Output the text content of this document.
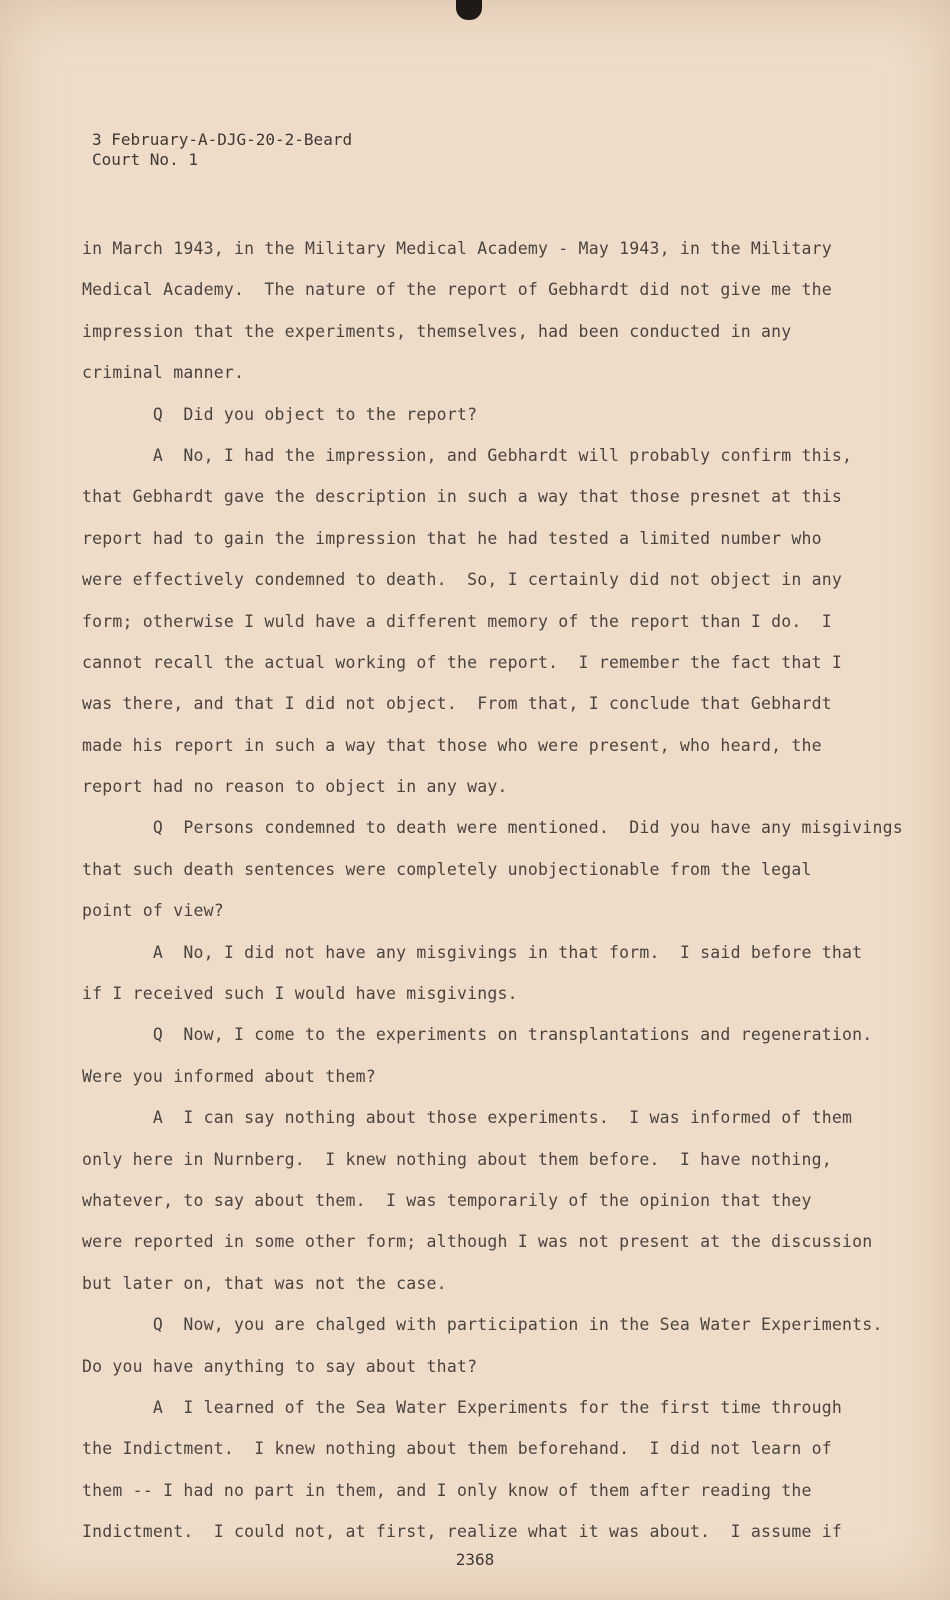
3 February-A-DJG-20-2-Beard
Court No. 1
in March 1943, in the Military Medical Academy - May 1943, in the Military
Medical Academy.  The nature of the report of Gebhardt did not give me the
impression that the experiments, themselves, had been conducted in any
criminal manner.
Q  Did you object to the report?
A  No, I had the impression, and Gebhardt will probably confirm this,
that Gebhardt gave the description in such a way that those presnet at this
report had to gain the impression that he had tested a limited number who
were effectively condemned to death.  So, I certainly did not object in any
form; otherwise I wuld have a different memory of the report than I do.  I
cannot recall the actual working of the report.  I remember the fact that I
was there, and that I did not object.  From that, I conclude that Gebhardt
made his report in such a way that those who were present, who heard, the
report had no reason to object in any way.
Q  Persons condemned to death were mentioned.  Did you have any misgivings
that such death sentences were completely unobjectionable from the legal
point of view?
A  No, I did not have any misgivings in that form.  I said before that
if I received such I would have misgivings.
Q  Now, I come to the experiments on transplantations and regeneration.
Were you informed about them?
A  I can say nothing about those experiments.  I was informed of them
only here in Nurnberg.  I knew nothing about them before.  I have nothing,
whatever, to say about them.  I was temporarily of the opinion that they
were reported in some other form; although I was not present at the discussion
but later on, that was not the case.
Q  Now, you are chalged with participation in the Sea Water Experiments.
Do you have anything to say about that?
A  I learned of the Sea Water Experiments for the first time through
the Indictment.  I knew nothing about them beforehand.  I did not learn of
them -- I had no part in them, and I only know of them after reading the
Indictment.  I could not, at first, realize what it was about.  I assume if
2368
